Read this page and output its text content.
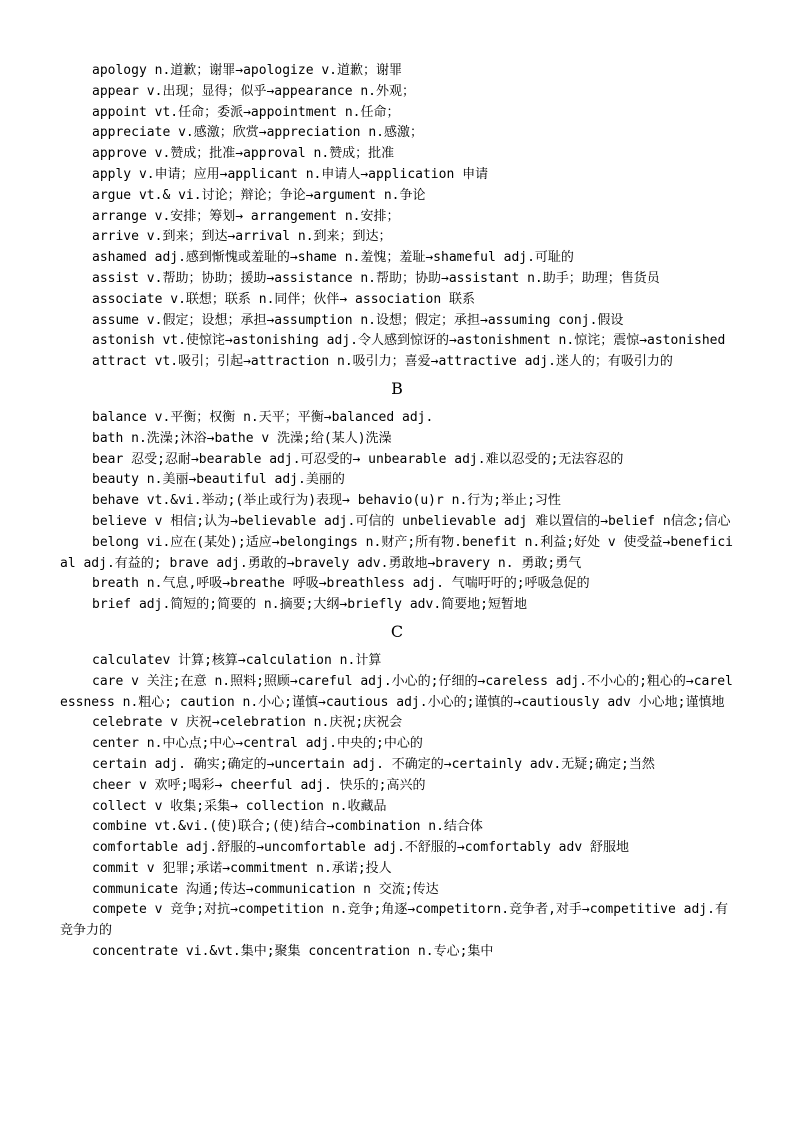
apology n.道歉；谢罪→apologize v.道歉；谢罪

appear v.出现；显得；似乎→appearance n.外观；

appoint vt.任命；委派→appointment n.任命；

appreciate v.感激；欣赏→appreciation n.感激；

approve v.赞成；批准→approval n.赞成；批准

apply v.申请；应用→applicant n.申请人→application 申请

argue vt.& vi.讨论；辩论；争论→argument n.争论

arrange v.安排；筹划→ arrangement n.安排；

arrive v.到来；到达→arrival n.到来；到达；

ashamed adj.感到惭愧或羞耻的→shame n.羞愧；羞耻→shameful adj.可耻的

assist v.帮助；协助；援助→assistance n.帮助；协助→assistant n.助手；助理；售货员

associate v.联想；联系 n.同伴；伙伴→ association 联系

assume v.假定；设想；承担→assumption n.设想；假定；承担→assuming conj.假设

astonish vt.使惊诧→astonishing adj.令人感到惊讶的→astonishment n.惊诧；震惊→astonished

attract vt.吸引；引起→attraction n.吸引力；喜爱→attractive adj.迷人的；有吸引力的

B

balance v.平衡；权衡 n.天平；平衡→balanced adj.

bath n.洗澡;沐浴→bathe v 洗澡;给(某人)洗澡

bear 忍受;忍耐→bearable adj.可忍受的→ unbearable adj.难以忍受的;无法容忍的

beauty n.美丽→beautiful adj.美丽的

behave vt.&vi.举动;(举止或行为)表现→ behavio(u)r n.行为;举止;习性

believe v 相信;认为→believable adj.可信的 unbelievable adj 难以置信的→belief n信念;信心

belong vi.应在(某处);适应→belongings n.财产;所有物.benefit n.利益;好处 v 使受益→beneficial adj.有益的; brave adj.勇敢的→bravely adv.勇敢地→bravery n. 勇敢;勇气

breath n.气息,呼吸→breathe 呼吸→breathless adj. 气喘吁吁的;呼吸急促的

brief adj.简短的;简要的 n.摘要;大纲→briefly adv.简要地;短暂地

C

calculatev 计算;核算→calculation n.计算

care v 关注;在意 n.照料;照顾→careful adj.小心的;仔细的→careless adj.不小心的;粗心的→carelessness n.粗心; caution n.小心;谨慎→cautious adj.小心的;谨慎的→cautiously adv 小心地;谨慎地

celebrate v 庆祝→celebration n.庆祝;庆祝会

center n.中心点;中心→central adj.中央的;中心的

certain adj. 确实;确定的→uncertain adj. 不确定的→certainly adv.无疑;确定;当然

cheer v 欢呼;喝彩→ cheerful adj. 快乐的;高兴的

collect v 收集;采集→ collection n.收藏品

combine vt.&vi.(使)联合;(使)结合→combination n.结合体

comfortable adj.舒服的→uncomfortable adj.不舒服的→comfortably adv 舒服地

commit v 犯罪;承诺→commitment n.承诺;投人

communicate 沟通;传达→communication n 交流;传达

compete v 竞争;对抗→competition n.竞争;角逐→competitorn.竞争者,对手→competitive adj.有竞争力的

concentrate vi.&vt.集中;聚集 concentration n.专心;集中
